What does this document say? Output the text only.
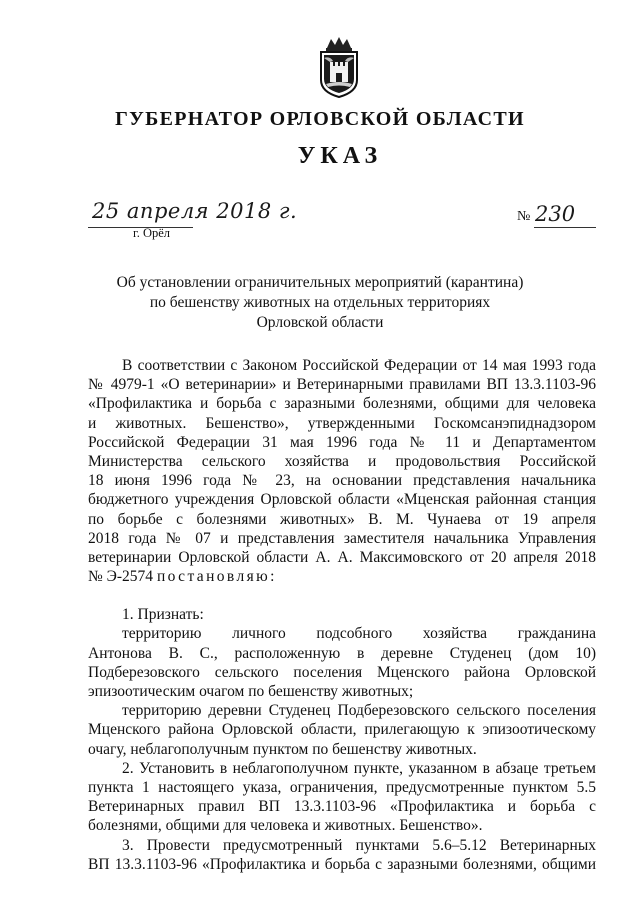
ГУБЕРНАТОР ОРЛОВСКОЙ ОБЛАСТИ
УКАЗ
25 апреля 2018 г.
г. Орёл
№ 230
Об установлении ограничительных мероприятий (карантина)
по бешенству животных на отдельных территориях
Орловской области
В соответствии с Законом Российской Федерации от 14 мая 1993 года
№ 4979-1 «О ветеринарии» и Ветеринарными правилами ВП 13.3.1103-96
«Профилактика и борьба с заразными болезнями, общими для человека
и животных. Бешенство», утвержденными Госкомсанэпиднадзором
Российской Федерации 31 мая 1996 года № 11 и Департаментом
Министерства сельского хозяйства и продовольствия Российской
18 июня 1996 года № 23, на основании представления начальника
бюджетного учреждения Орловской области «Мценская районная станция
по борьбе с болезнями животных» В. М. Чунаева от 19 апреля
2018 года № 07 и представления заместителя начальника Управления
ветеринарии Орловской области А. А. Максимовского от 20 апреля 2018
№ Э-2574 постановляю:
1. Признать:
территорию личного подсобного хозяйства гражданина
Антонова В. С., расположенную в деревне Студенец (дом 10)
Подберезовского сельского поселения Мценского района Орловской
эпизоотическим очагом по бешенству животных;
территорию деревни Студенец Подберезовского сельского поселения
Мценского района Орловской области, прилегающую к эпизоотическому
очагу, неблагополучным пунктом по бешенству животных.
2. Установить в неблагополучном пункте, указанном в абзаце третьем
пункта 1 настоящего указа, ограничения, предусмотренные пунктом 5.5
Ветеринарных правил ВП 13.3.1103-96 «Профилактика и борьба с
болезнями, общими для человека и животных. Бешенство».
3. Провести предусмотренный пунктами 5.6–5.12 Ветеринарных
ВП 13.3.1103-96 «Профилактика и борьба с заразными болезнями, общими
